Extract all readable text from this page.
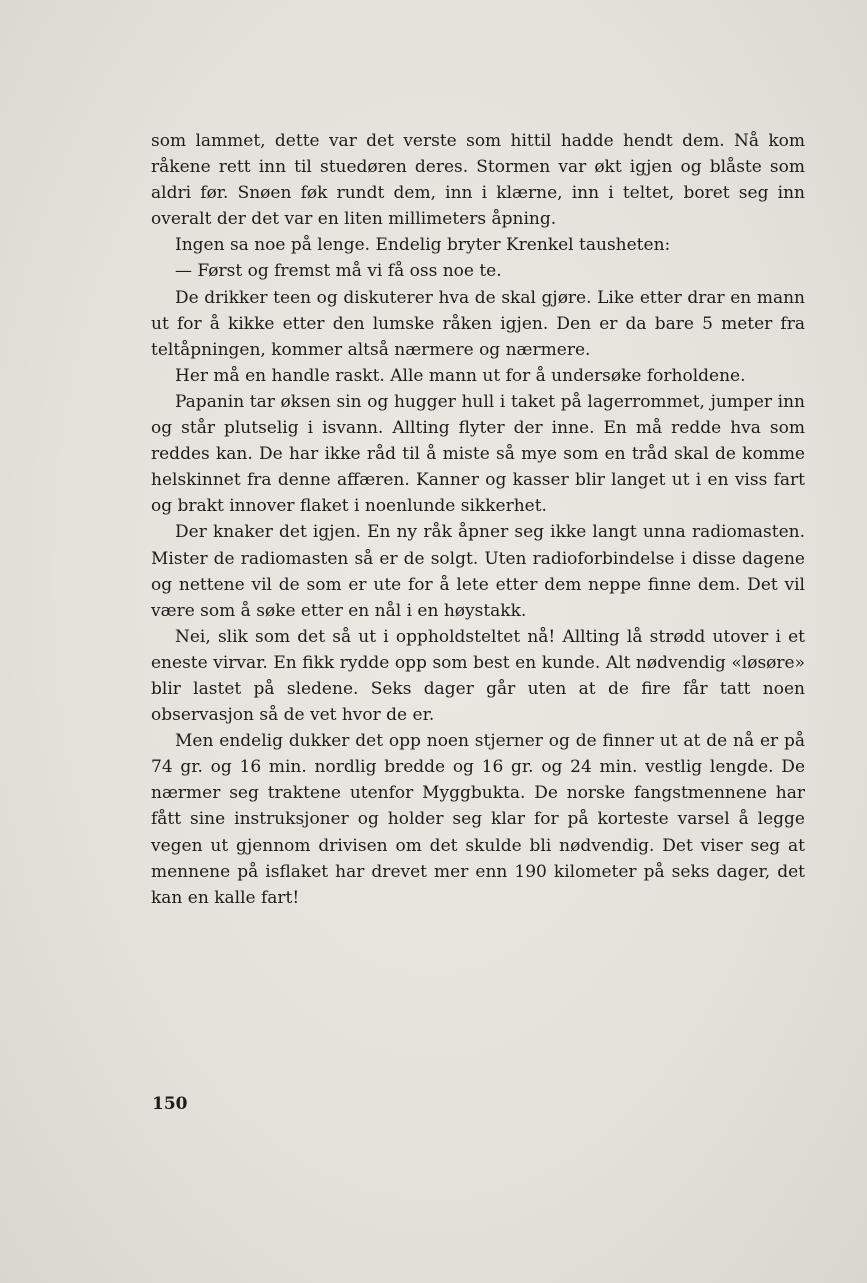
som lammet, dette var det verste som hittil hadde hendt dem. Nå kom råkene rett inn til stuedøren deres. Stormen var økt igjen og blåste som aldri før. Snøen føk rundt dem, inn i klærne, inn i teltet, boret seg inn overalt der det var en liten millimeters åpning.

Ingen sa noe på lenge. Endelig bryter Krenkel tausheten:

— Først og fremst må vi få oss noe te.

De drikker teen og diskuterer hva de skal gjøre. Like etter drar en mann ut for å kikke etter den lumske råken igjen. Den er da bare 5 meter fra teltåpningen, kommer altså nærmere og nærmere.

Her må en handle raskt. Alle mann ut for å undersøke forholdene.

Papanin tar øksen sin og hugger hull i taket på lagerrommet, jumper inn og står plutselig i isvann. Allting flyter der inne. En må redde hva som reddes kan. De har ikke råd til å miste så mye som en tråd skal de komme helskinnet fra denne affæren. Kanner og kasser blir langet ut i en viss fart og brakt innover flaket i noenlunde sikkerhet.

Der knaker det igjen. En ny råk åpner seg ikke langt unna radiomasten. Mister de radiomasten så er de solgt. Uten radioforbindelse i disse dagene og nettene vil de som er ute for å lete etter dem neppe finne dem. Det vil være som å søke etter en nål i en høystakk.

Nei, slik som det så ut i oppholdsteltet nå! Allting lå strødd utover i et eneste virvar. En fikk rydde opp som best en kunde. Alt nødvendig «løsøre» blir lastet på sledene. Seks dager går uten at de fire får tatt noen observasjon så de vet hvor de er.

Men endelig dukker det opp noen stjerner og de finner ut at de nå er på 74 gr. og 16 min. nordlig bredde og 16 gr. og 24 min. vestlig lengde. De nærmer seg traktene utenfor Myggbukta. De norske fangstmennene har fått sine instruksjoner og holder seg klar for på korteste varsel å legge vegen ut gjennom drivisen om det skulde bli nødvendig. Det viser seg at mennene på isflaket har drevet mer enn 190 kilometer på seks dager, det kan en kalle fart!

150
